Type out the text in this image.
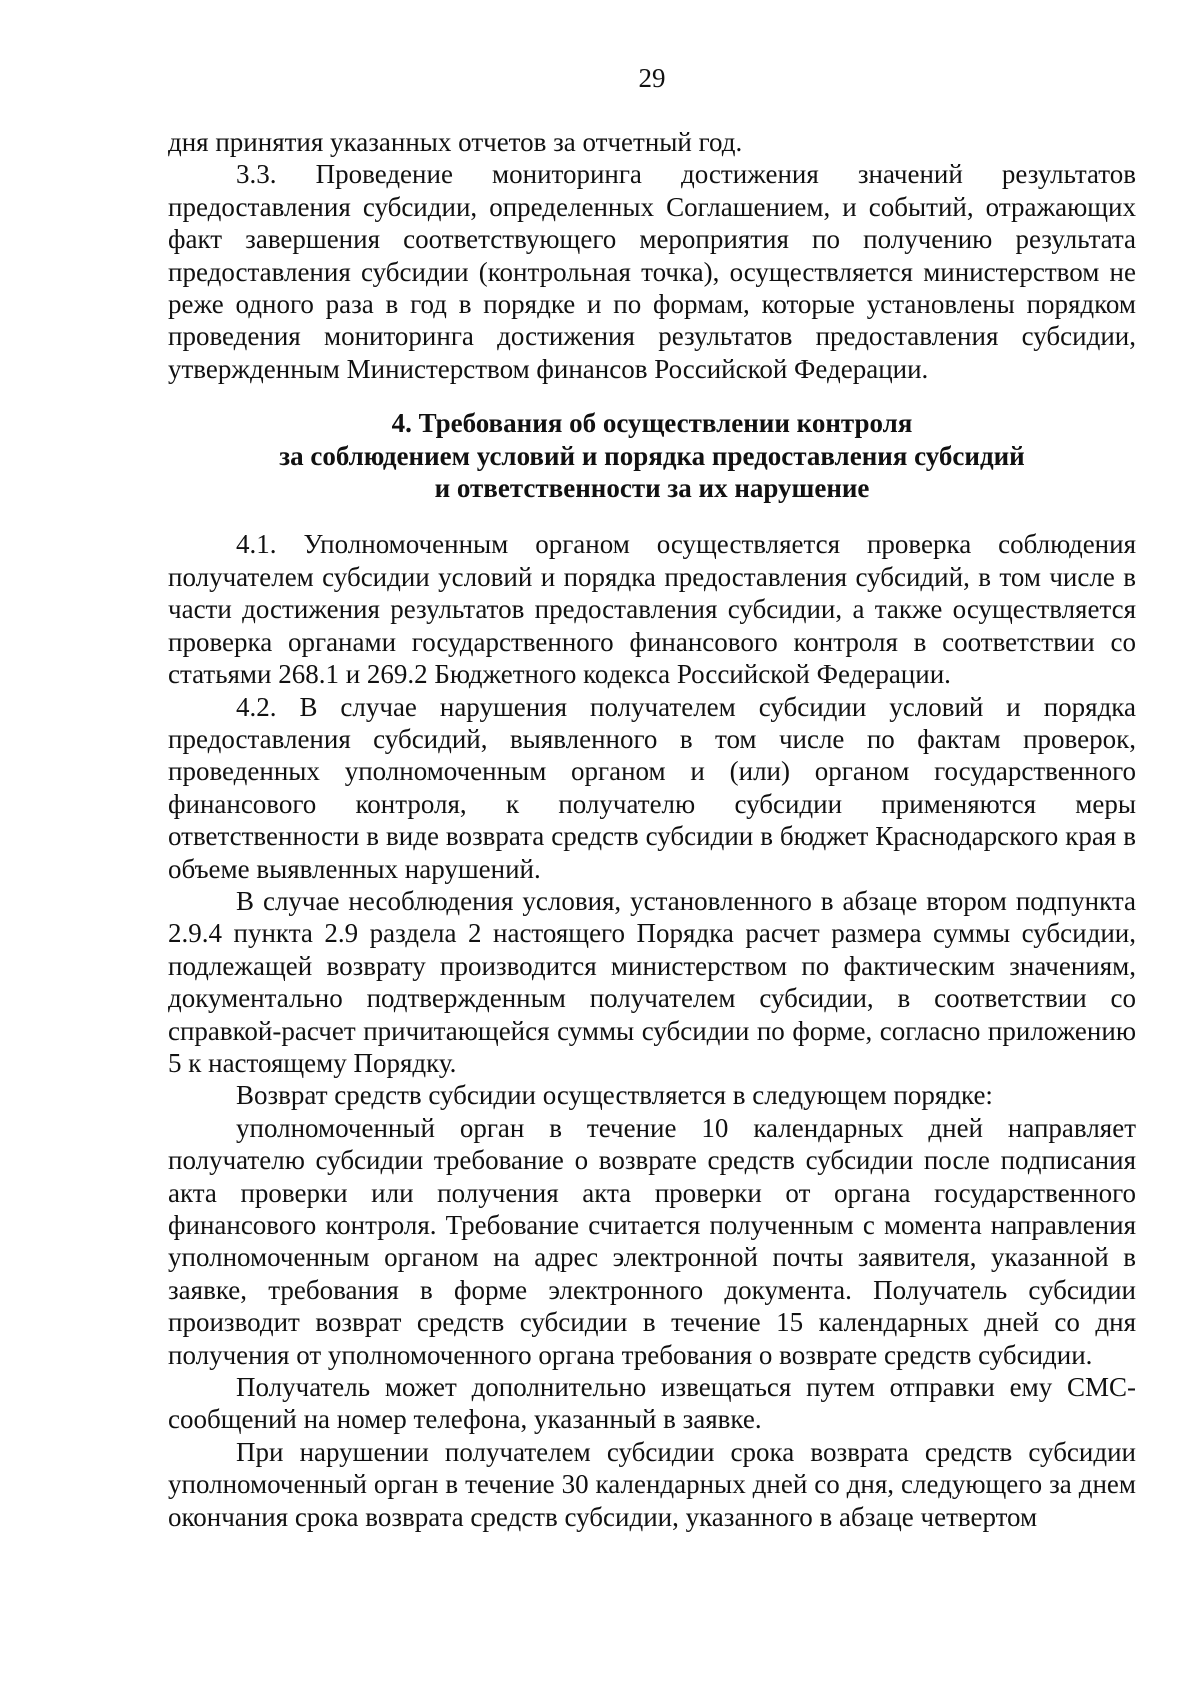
29

дня принятия указанных отчетов за отчетный год.

3.3. Проведение мониторинга достижения значений результатов предоставления субсидии, определенных Соглашением, и событий, отражающих факт завершения соответствующего мероприятия по получению результата предоставления субсидии (контрольная точка), осуществляется министерством не реже одного раза в год в порядке и по формам, которые установлены порядком проведения мониторинга достижения результатов предоставления субсидии, утвержденным Министерством финансов Российской Федерации.

4. Требования об осуществлении контроля
за соблюдением условий и порядка предоставления субсидий
и ответственности за их нарушение

4.1. Уполномоченным органом осуществляется проверка соблюдения получателем субсидии условий и порядка предоставления субсидий, в том числе в части достижения результатов предоставления субсидии, а также осуществляется проверка органами государственного финансового контроля в соответствии со статьями 268.1 и 269.2 Бюджетного кодекса Российской Федерации.

4.2. В случае нарушения получателем субсидии условий и порядка предоставления субсидий, выявленного в том числе по фактам проверок, проведенных уполномоченным органом и (или) органом государственного финансового контроля, к получателю субсидии применяются меры ответственности в виде возврата средств субсидии в бюджет Краснодарского края в объеме выявленных нарушений.

В случае несоблюдения условия, установленного в абзаце втором подпункта 2.9.4 пункта 2.9 раздела 2 настоящего Порядка расчет размера суммы субсидии, подлежащей возврату производится министерством по фактическим значениям, документально подтвержденным получателем субсидии, в соответствии со справкой-расчет причитающейся суммы субсидии по форме, согласно приложению 5 к настоящему Порядку.

Возврат средств субсидии осуществляется в следующем порядке:

уполномоченный орган в течение 10 календарных дней направляет получателю субсидии требование о возврате средств субсидии после подписания акта проверки или получения акта проверки от органа государственного финансового контроля. Требование считается полученным с момента направления уполномоченным органом на адрес электронной почты заявителя, указанной в заявке, требования в форме электронного документа. Получатель субсидии производит возврат средств субсидии в течение 15 календарных дней со дня получения от уполномоченного органа требования о возврате средств субсидии.

Получатель может дополнительно извещаться путем отправки ему СМС-сообщений на номер телефона, указанный в заявке.

При нарушении получателем субсидии срока возврата средств субсидии уполномоченный орган в течение 30 календарных дней со дня, следующего за днем окончания срока возврата средств субсидии, указанного в абзаце четвертом
